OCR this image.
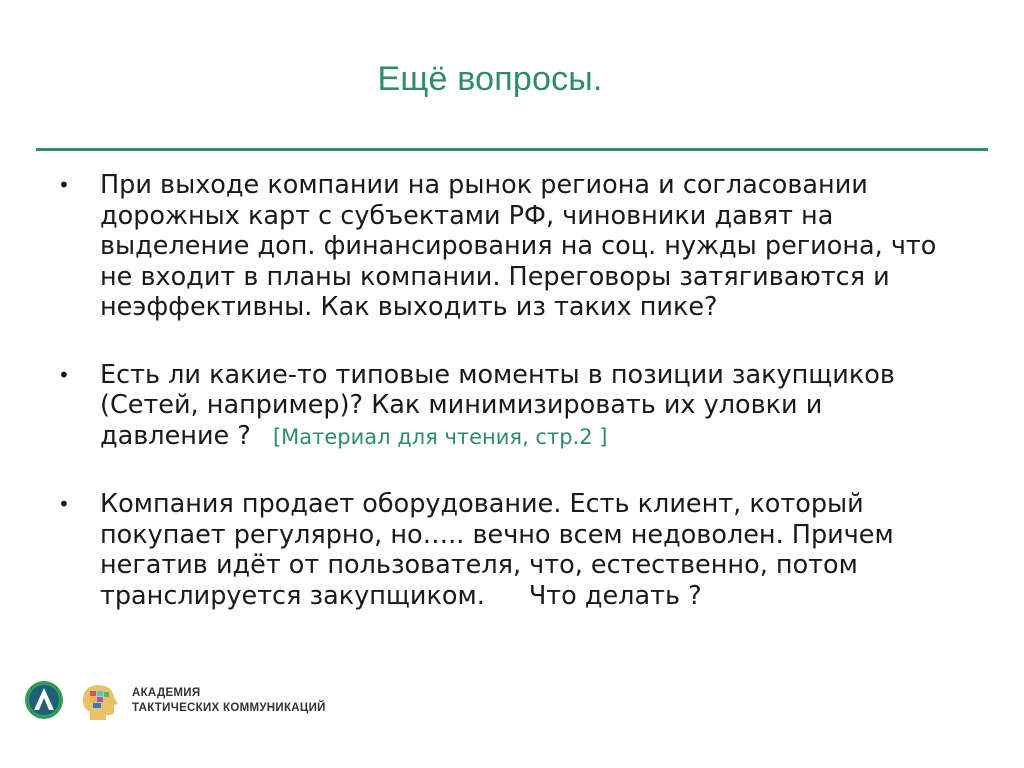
Ещё вопросы.
• При выходе компании на рынок региона и согласовании дорожных карт с субъектами РФ, чиновники давят на выделение доп. финансирования на соц. нужды региона, что не входит в планы компании. Переговоры затягиваются и неэффективны. Как выходить из таких пике?
• Есть ли какие-то типовые моменты в позиции закупщиков (Сетей, например)? Как минимизировать их уловки и давление ? [Материал для чтения, стр.2 ]
• Компания продает оборудование. Есть клиент, который покупает регулярно, но….. вечно всем недоволен. Причем негатив идёт от пользователя, что, естественно, потом транслируется закупщиком. Что делать ?
АКАДЕМИЯ
ТАКТИЧЕСКИХ КОММУНИКАЦИЙ
